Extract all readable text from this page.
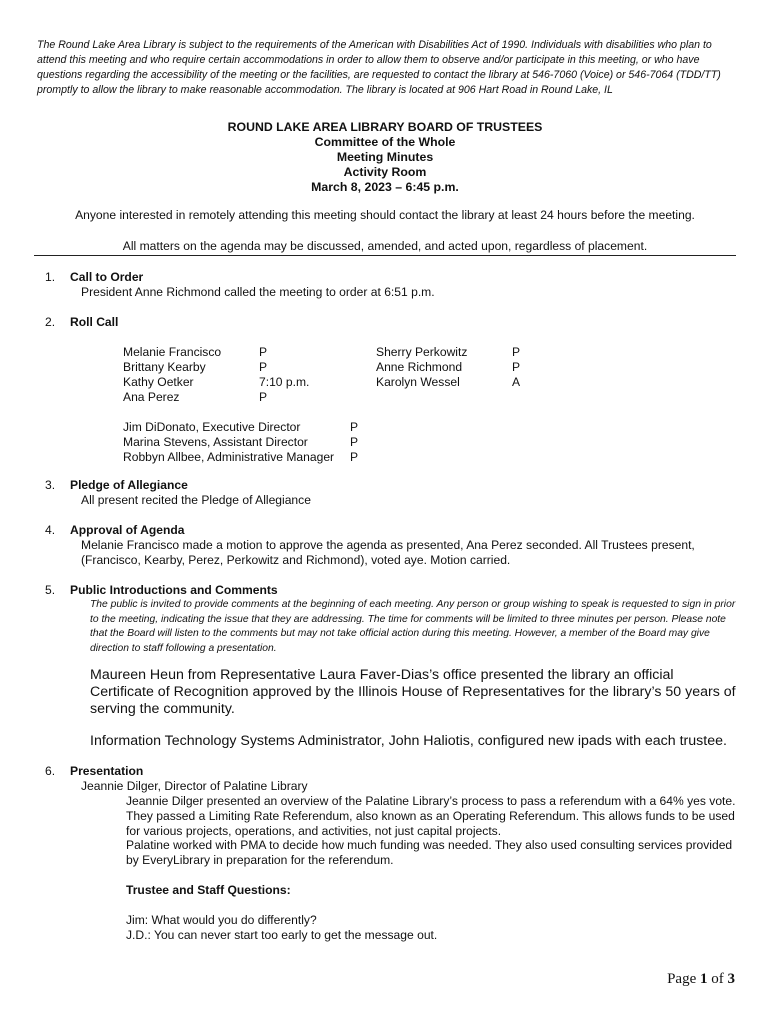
The Round Lake Area Library is subject to the requirements of the American with Disabilities Act of 1990. Individuals with disabilities who plan to attend this meeting and who require certain accommodations in order to allow them to observe and/or participate in this meeting, or who have questions regarding the accessibility of the meeting or the facilities, are requested to contact the library at 546-7060 (Voice) or 546-7064 (TDD/TT) promptly to allow the library to make reasonable accommodation. The library is located at 906 Hart Road in Round Lake, IL
ROUND LAKE AREA LIBRARY BOARD OF TRUSTEES
Committee of the Whole
Meeting Minutes
Activity Room
March 8, 2023 – 6:45 p.m.
Anyone interested in remotely attending this meeting should contact the library at least 24 hours before the meeting.
All matters on the agenda may be discussed, amended, and acted upon, regardless of placement.
1.	Call to Order
President Anne Richmond called the meeting to order at 6:51 p.m.
2.	Roll Call
Melanie Francisco	P
Brittany Kearby	P
Kathy Oetker	7:10 p.m.
Ana Perez	P
Sherry Perkowitz	P
Anne Richmond	P
Karolyn Wessel	A
Jim DiDonato, Executive Director	P
Marina Stevens, Assistant Director	P
Robbyn Allbee, Administrative Manager P
3.	Pledge of Allegiance
All present recited the Pledge of Allegiance
4.	Approval of Agenda
Melanie Francisco made a motion to approve the agenda as presented, Ana Perez seconded. All Trustees present, (Francisco, Kearby, Perez, Perkowitz and Richmond), voted aye. Motion carried.
5.	Public Introductions and Comments
The public is invited to provide comments at the beginning of each meeting. Any person or group wishing to speak is requested to sign in prior to the meeting, indicating the issue that they are addressing. The time for comments will be limited to three minutes per person. Please note that the Board will listen to the comments but may not take official action during this meeting. However, a member of the Board may give direction to staff following a presentation.
Maureen Heun from Representative Laura Faver-Dias’s office presented the library an official Certificate of Recognition approved by the Illinois House of Representatives for the library’s 50 years of serving the community.
Information Technology Systems Administrator, John Haliotis, configured new ipads with each trustee.
6.	Presentation
Jeannie Dilger, Director of Palatine Library
Jeannie Dilger presented an overview of the Palatine Library’s process to pass a referendum with a 64% yes vote. They passed a Limiting Rate Referendum, also known as an Operating Referendum. This allows funds to be used for various projects, operations, and activities, not just capital projects.
Palatine worked with PMA to decide how much funding was needed. They also used consulting services provided by EveryLibrary in preparation for the referendum.
Trustee and Staff Questions:
Jim: What would you do differently?
J.D.: You can never start too early to get the message out.
Page 1 of 3
